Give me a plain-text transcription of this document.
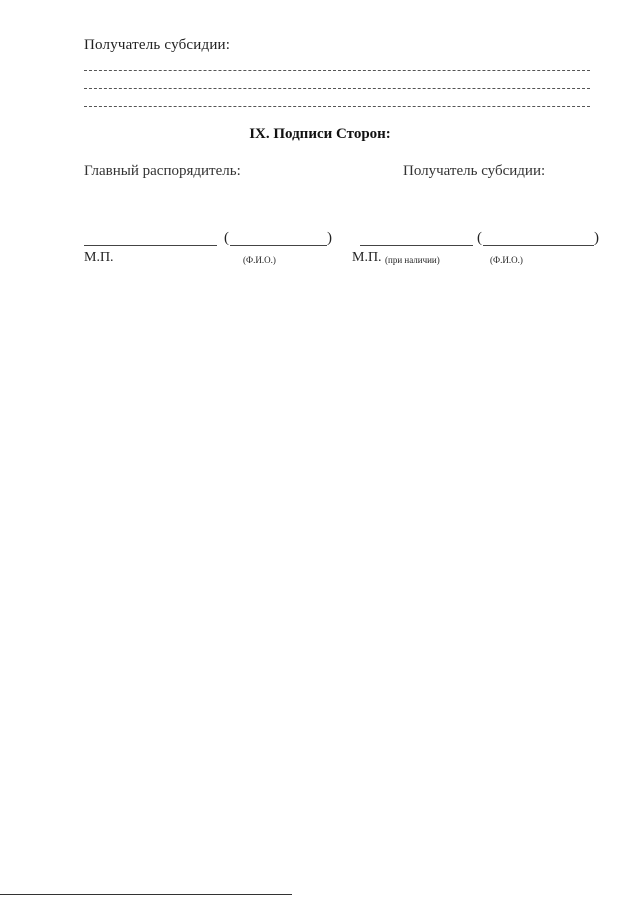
Получатель субсидии:
IX. Подписи Сторон:
Главный распорядитель:	Получатель субсидии:
(	)
М.П.	(Ф.И.О.)
(	)
М.П. (при наличии)	(Ф.И.О.)
